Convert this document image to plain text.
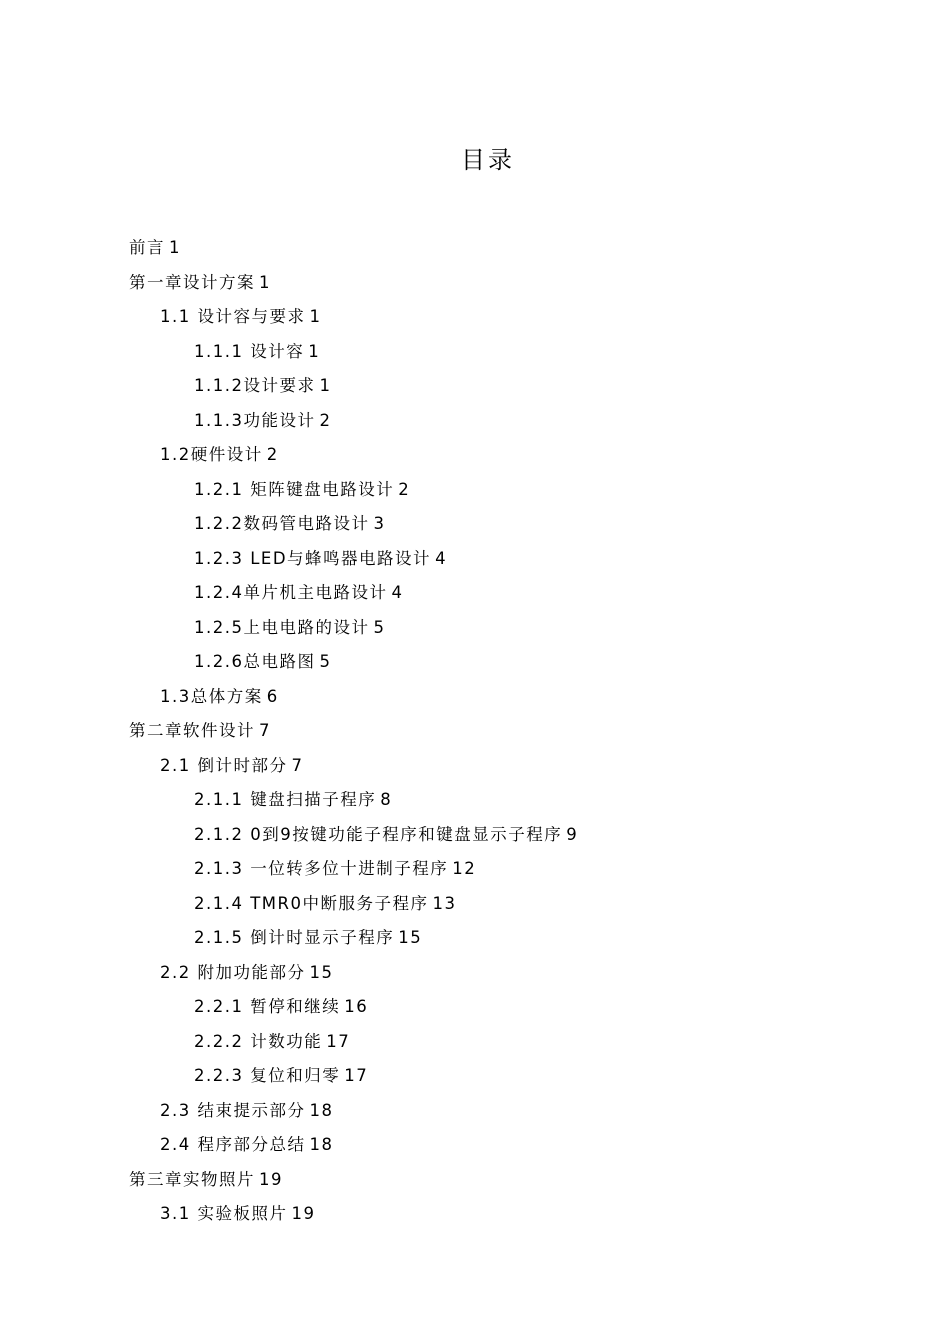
目录
前言 1
第一章设计方案 1
1.1 设计容与要求 1
1.1.1 设计容 1
1.1.2设计要求 1
1.1.3功能设计 2
1.2硬件设计 2
1.2.1 矩阵键盘电路设计 2
1.2.2数码管电路设计 3
1.2.3 LED与蜂鸣器电路设计 4
1.2.4单片机主电路设计 4
1.2.5上电电路的设计 5
1.2.6总电路图 5
1.3总体方案 6
第二章软件设计 7
2.1 倒计时部分 7
2.1.1 键盘扫描子程序 8
2.1.2 0到9按键功能子程序和键盘显示子程序 9
2.1.3 一位转多位十进制子程序 12
2.1.4 TMR0中断服务子程序 13
2.1.5 倒计时显示子程序 15
2.2 附加功能部分 15
2.2.1 暂停和继续 16
2.2.2 计数功能 17
2.2.3 复位和归零 17
2.3 结束提示部分 18
2.4 程序部分总结 18
第三章实物照片 19
3.1 实验板照片 19
